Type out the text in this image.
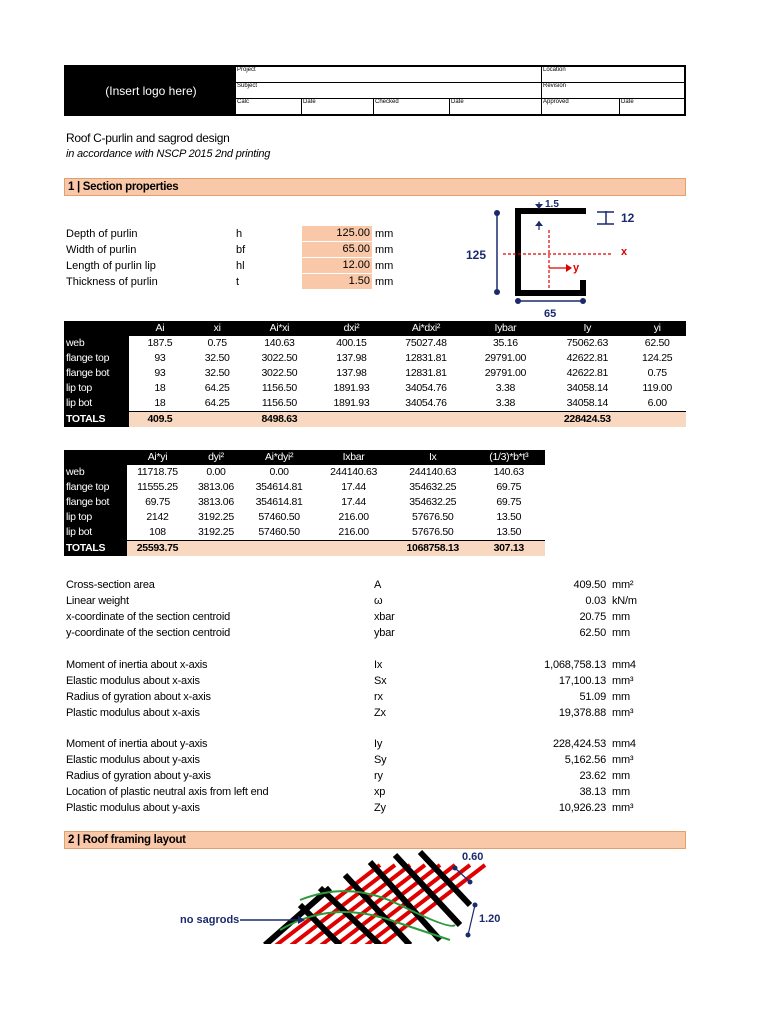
(Insert logo here)
Project	Location
Subject	Revision
Calc	Date	Checked	Date	Approved	Date
Roof C-purlin and sagrod design
in accordance with NSCP 2015 2nd printing
1 | Section properties
Depth of purlin	h	125.00 mm
Width of purlin	bf	65.00 mm
Length of purlin lip	hl	12.00 mm
Thickness of purlin	t	1.50 mm
125
1.5
12
65
x
y
	Ai	xi	Ai*xi	dxi²	Ai*dxi²	Iybar	Iy	yi
web	187.5	0.75	140.63	400.15	75027.48	35.16	75062.63	62.50
flange top	93	32.50	3022.50	137.98	12831.81	29791.00	42622.81	124.25
flange bot	93	32.50	3022.50	137.98	12831.81	29791.00	42622.81	0.75
lip top	18	64.25	1156.50	1891.93	34054.76	3.38	34058.14	119.00
lip bot	18	64.25	1156.50	1891.93	34054.76	3.38	34058.14	6.00
TOTALS	409.5		8498.63				228424.53	
	Ai*yi	dyi²	Ai*dyi²	Ixbar	Ix	(1/3)*b*t³
web	11718.75	0.00	0.00	244140.63	244140.63	140.63
flange top	11555.25	3813.06	354614.81	17.44	354632.25	69.75
flange bot	69.75	3813.06	354614.81	17.44	354632.25	69.75
lip top	2142	3192.25	57460.50	216.00	57676.50	13.50
lip bot	108	3192.25	57460.50	216.00	57676.50	13.50
TOTALS	25593.75				1068758.13	307.13
Cross-section area	A	409.50 mm²
Linear weight	ω	0.03 kN/m
x-coordinate of the section centroid	xbar	20.75 mm
y-coordinate of the section centroid	ybar	62.50 mm
Moment of inertia about x-axis	Ix	1,068,758.13 mm4
Elastic modulus about x-axis	Sx	17,100.13 mm³
Radius of gyration about x-axis	rx	51.09 mm
Plastic modulus about x-axis	Zx	19,378.88 mm³
Moment of inertia about y-axis	Iy	228,424.53 mm4
Elastic modulus about y-axis	Sy	5,162.56 mm³
Radius of gyration about y-axis	ry	23.62 mm
Location of plastic neutral axis from left end	xp	38.13 mm
Plastic modulus about y-axis	Zy	10,926.23 mm³
2 | Roof framing layout
0.60
1.20
no sagrods
